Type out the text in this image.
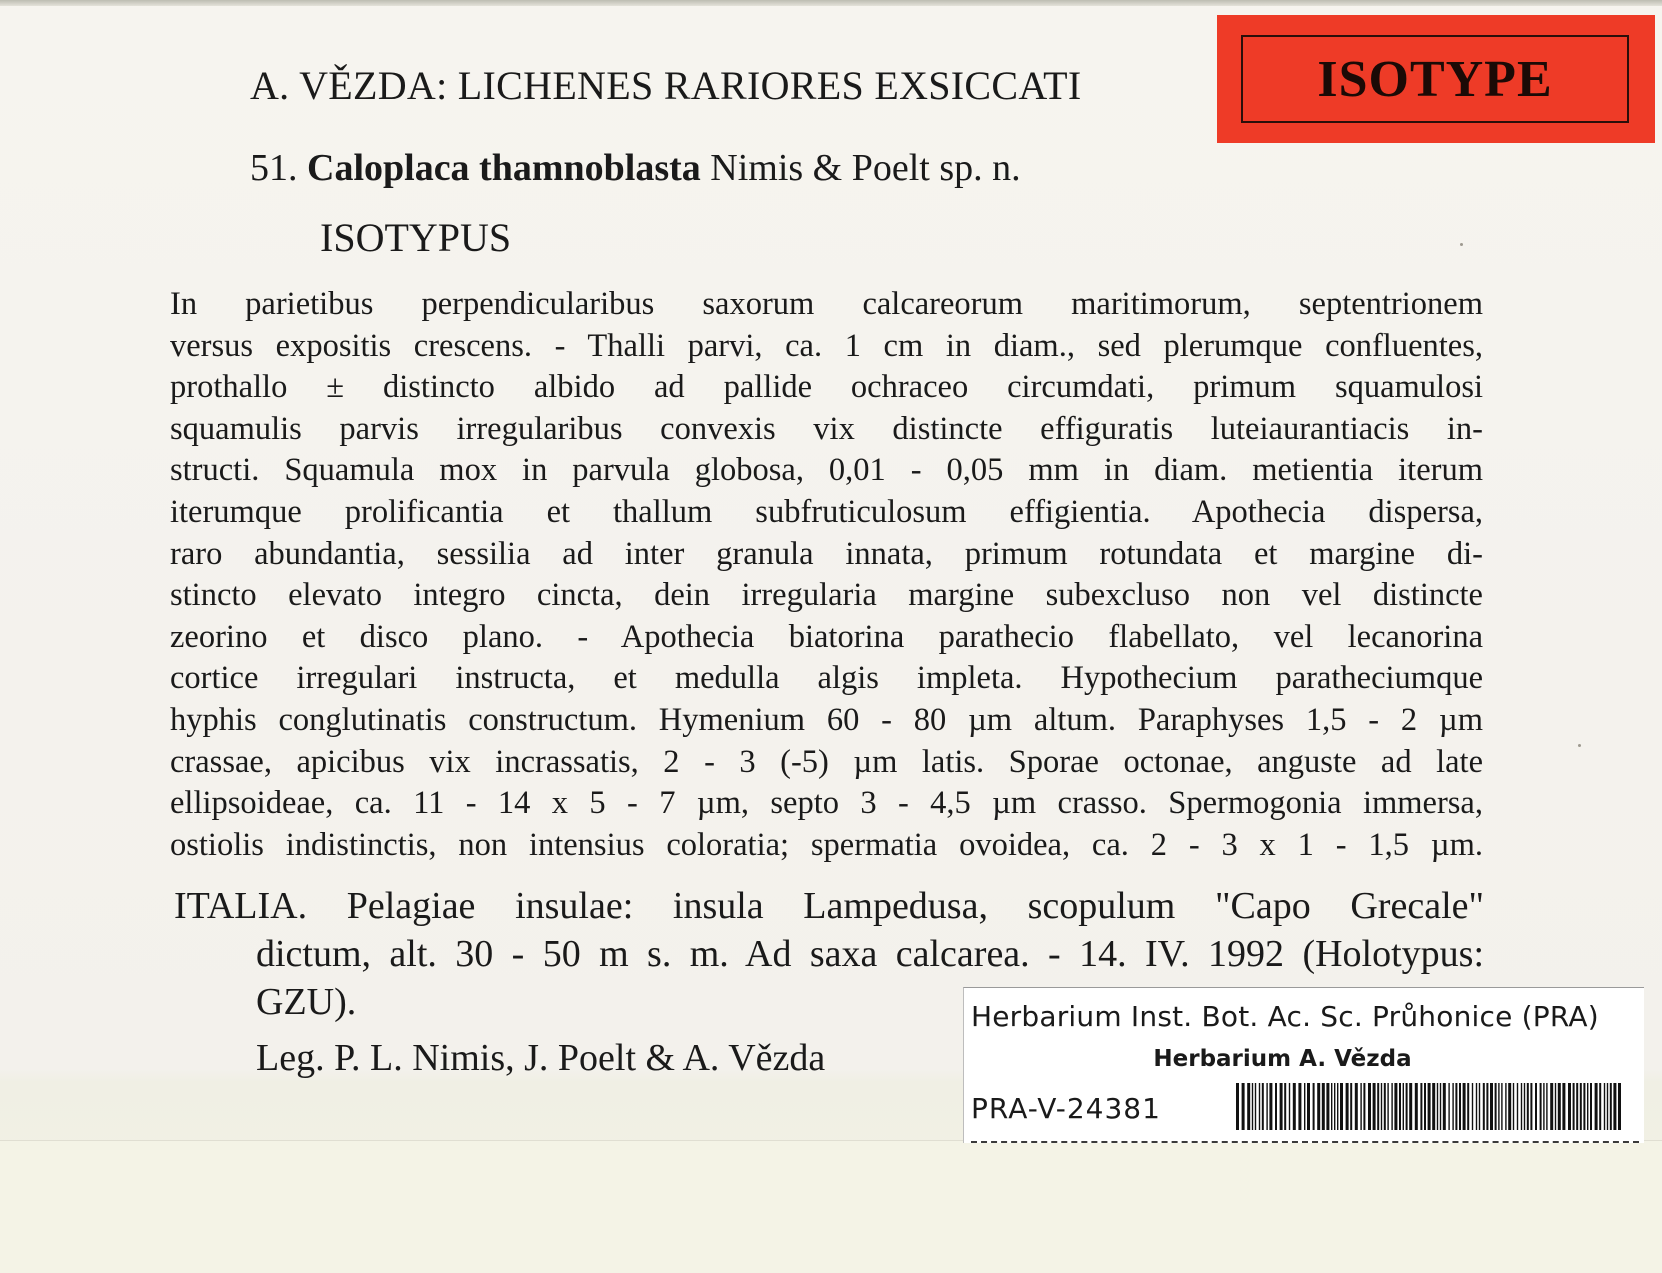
A. VĚZDA: LICHENES RARIORES EXSICCATI	ISOTYPE
51. Caloplaca thamnoblasta Nimis & Poelt sp. n.
ISOTYPUS
In parietibus perpendicularibus saxorum calcareorum maritimorum, septentrionem
versus expositis crescens. - Thalli parvi, ca. 1 cm in diam., sed plerumque confluentes,
prothallo ± distincto albido ad pallide ochraceo circumdati, primum squamulosi
squamulis parvis irregularibus convexis vix distincte effiguratis luteiaurantiacis in-
structi. Squamula mox in parvula globosa, 0,01 - 0,05 mm in diam. metientia iterum
iterumque prolificantia et thallum subfruticulosum effigientia. Apothecia dispersa,
raro abundantia, sessilia ad inter granula innata, primum rotundata et margine di-
stincto elevato integro cincta, dein irregularia margine subexcluso non vel distincte
zeorino et disco plano. - Apothecia biatorina parathecio flabellato, vel lecanorina
cortice irregulari instructa, et medulla algis impleta. Hypothecium paratheciumque
hyphis conglutinatis constructum. Hymenium 60 - 80 µm altum. Paraphyses 1,5 - 2 µm
crassae, apicibus vix incrassatis, 2 - 3 (-5) µm latis. Sporae octonae, anguste ad late
ellipsoideae, ca. 11 - 14 x 5 - 7 µm, septo 3 - 4,5 µm crasso. Spermogonia immersa,
ostiolis indistinctis, non intensius coloratia; spermatia ovoidea, ca. 2 - 3 x 1 - 1,5 µm.
ITALIA. Pelagiae insulae: insula Lampedusa, scopulum "Capo Grecale"
dictum, alt. 30 - 50 m s. m. Ad saxa calcarea. - 14. IV. 1992 (Holotypus:
GZU).
Leg. P. L. Nimis, J. Poelt & A. Vězda
Herbarium Inst. Bot. Ac. Sc. Průhonice (PRA)
Herbarium A. Vězda
PRA-V-24381
